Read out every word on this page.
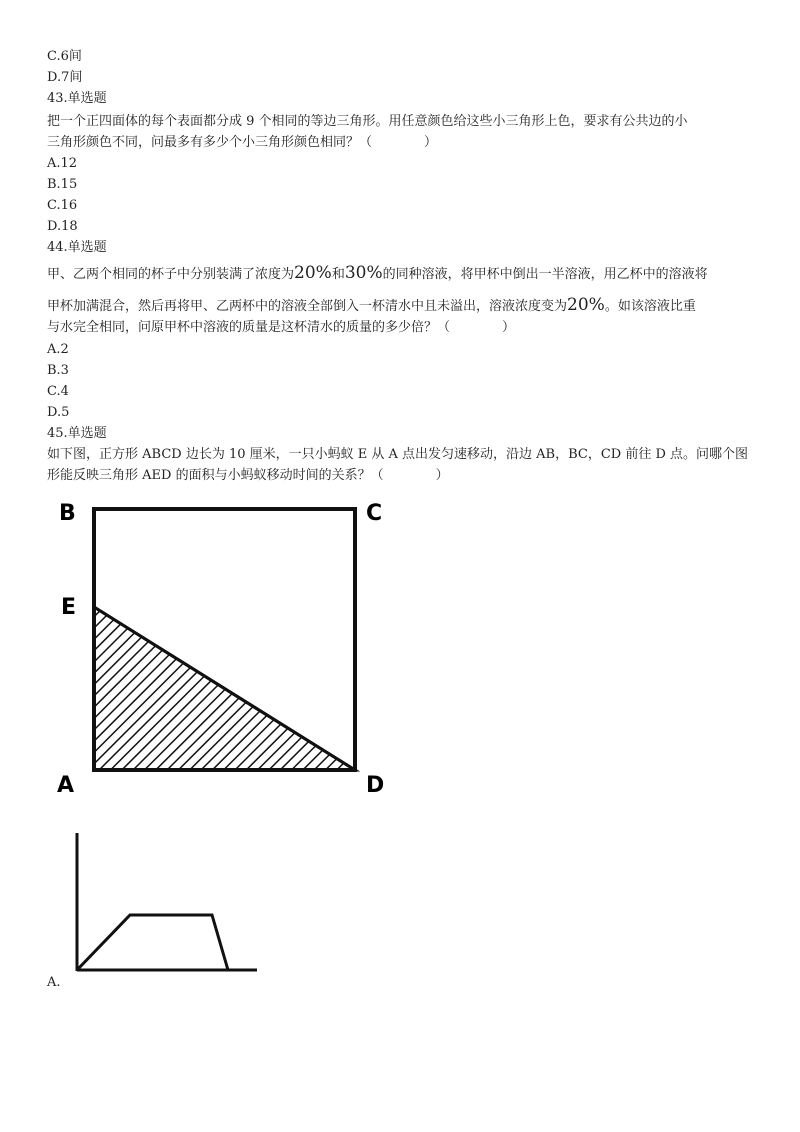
C.6间
D.7间
43.单选题
把一个正四面体的每个表面都分成 9 个相同的等边三角形。用任意颜色给这些小三角形上色，要求有公共边的小
三角形颜色不同，问最多有多少个小三角形颜色相同？（　　　　）
A.12
B.15
C.16
D.18
44.单选题
甲、乙两个相同的杯子中分别装满了浓度为20%和30%的同种溶液，将甲杯中倒出一半溶液，用乙杯中的溶液将
甲杯加满混合，然后再将甲、乙两杯中的溶液全部倒入一杯清水中且未溢出，溶液浓度变为20%。如该溶液比重
与水完全相同，问原甲杯中溶液的质量是这杯清水的质量的多少倍？（　　　　）
A.2
B.3
C.4
D.5
45.单选题
如下图，正方形 ABCD 边长为 10 厘米，一只小蚂蚁 E 从 A 点出发匀速移动，沿边 AB，BC，CD 前往 D 点。问哪个图
形能反映三角形 AED 的面积与小蚂蚁移动时间的关系？（　　　　）
B	C
E
A	D
A.
